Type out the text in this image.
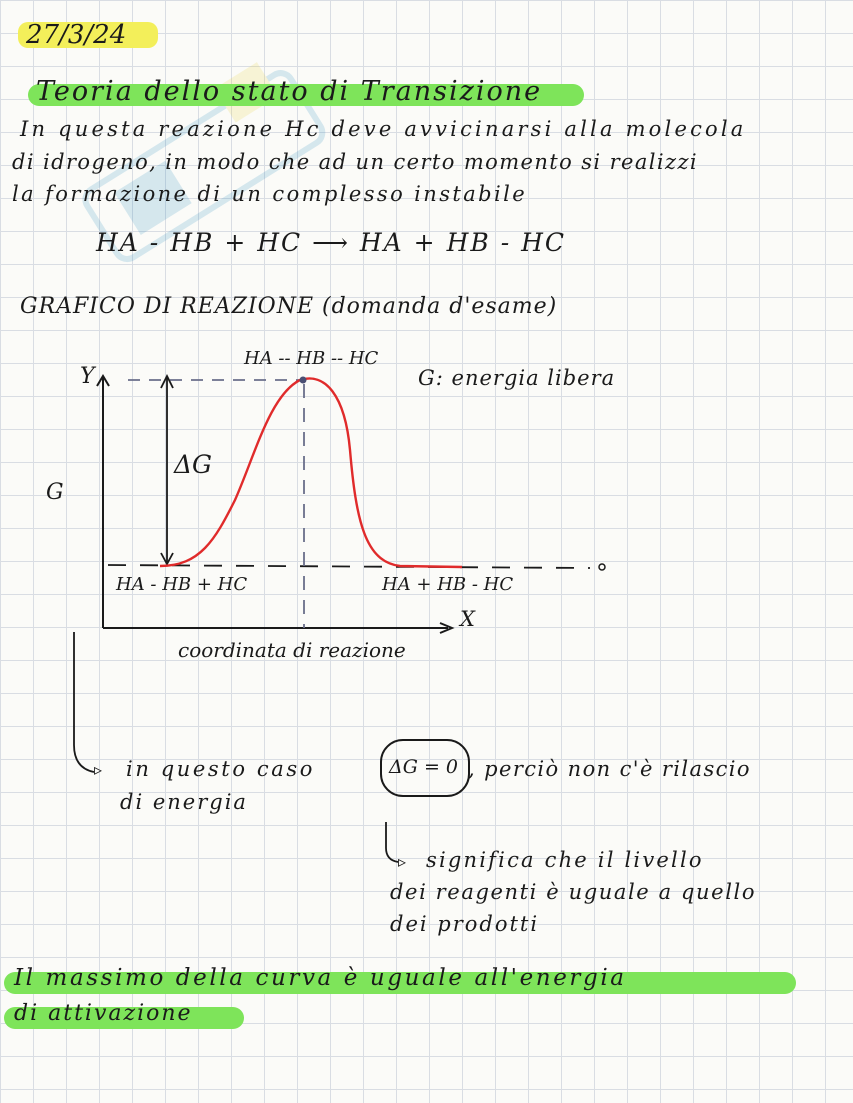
27/3/24
Teoria dello stato di Transizione
In questa reazione Hc deve avvicinarsi alla molecola
di idrogeno, in modo che ad un certo momento si realizzi
la formazione di un complesso instabile
HA - HB + HC ⟶ HA + HB - HC
GRAFICO DI REAZIONE (domanda d'esame)
Y
X
G
ΔG
HA -- HB -- HC
G: energia libera
HA - HB + HC	HA + HB - HC
coordinata di reazione
▹ in questo caso	ΔG = 0 , perciò non c'è rilascio
di energia
▹ significa che il livello
dei reagenti è uguale a quello
dei prodotti
Il massimo della curva è uguale all'energia
di attivazione
